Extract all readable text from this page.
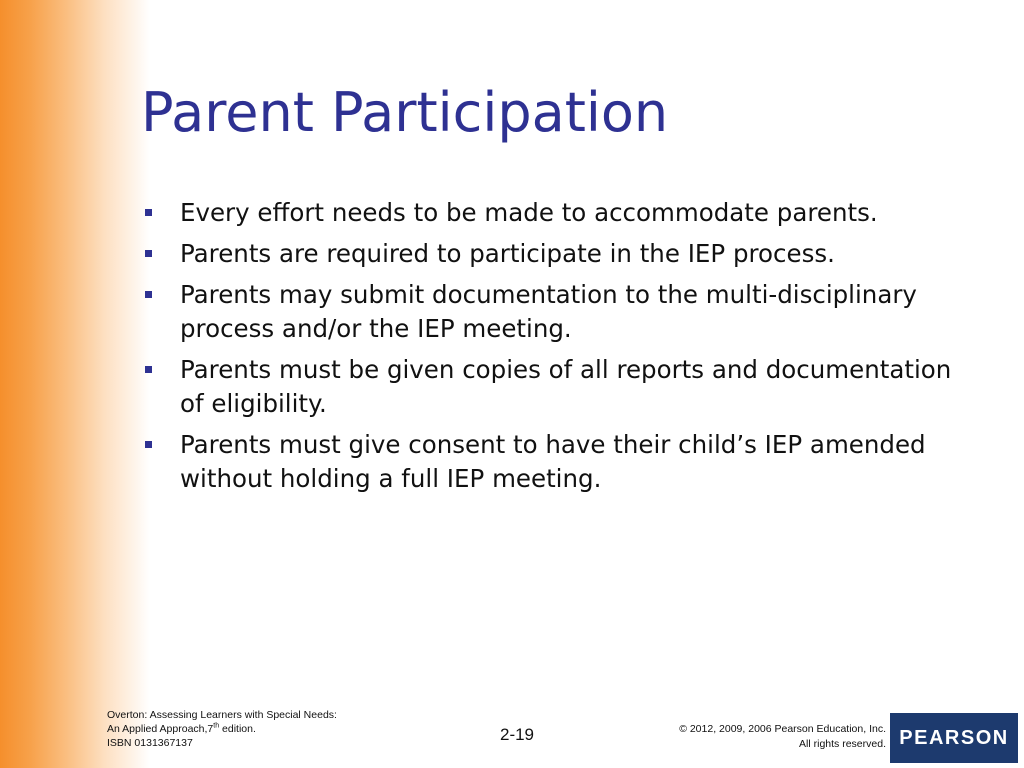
Parent Participation
Every effort needs to be made to accommodate parents.
Parents are required to participate in the IEP process.
Parents may submit documentation to the multi-disciplinary process and/or the IEP meeting.
Parents must be given copies of all reports and documentation of eligibility.
Parents must give consent to have their child’s IEP amended without holding a full IEP meeting.
Overton: Assessing Learners with Special Needs:
An Applied Approach,7th edition.
ISBN 0131367137	2-19	© 2012, 2009, 2006 Pearson Education, Inc.
All rights reserved. PEARSON
